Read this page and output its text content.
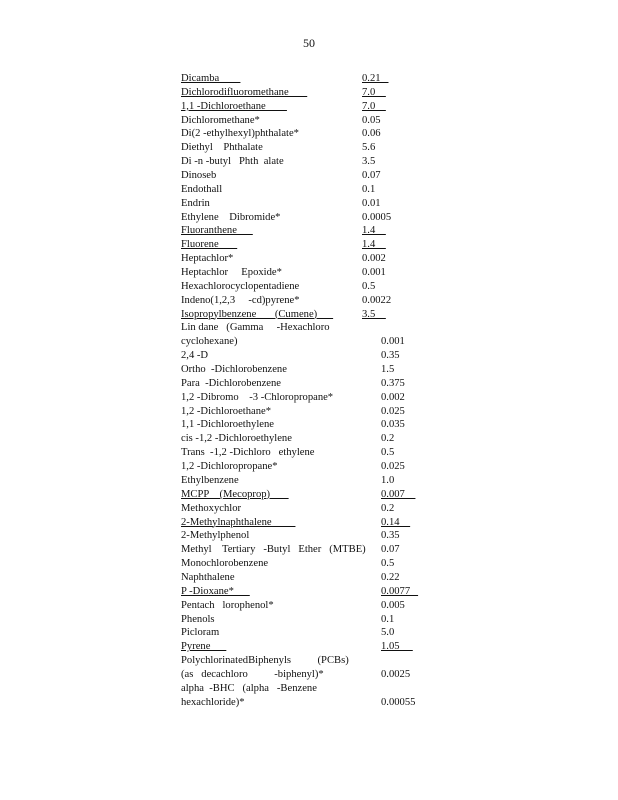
50
Dicamba	0.21
Dichlorodifluoromethane	7.0
1,1 -Dichloroethane	7.0
Dichloromethane*	0.05
Di(2 -ethylhexyl)phthalate*	0.06
Diethyl    Phthalate	5.6
Di -n -butyl   Phth  alate	3.5
Dinoseb	0.07
Endothall	0.1
Endrin	0.01
Ethylene    Dibromide*	0.0005
Fluoranthene	1.4
Fluorene	1.4
Heptachlor*	0.002
Heptachlor     Epoxide*	0.001
Hexachlorocyclopentadiene	0.5
Indeno(1,2,3     -cd)pyrene*	0.0022
Isopropylbenzene       (Cumene)	3.5
Lin dane   (Gamma     -Hexachloro
cyclohexane)	0.001
2,4 -D	0.35
Ortho  -Dichlorobenzene	1.5
Para  -Dichlorobenzene	0.375
1,2 -Dibromo    -3 -Chloropropane*	0.002
1,2 -Dichloroethane*	0.025
1,1 -Dichloroethylene	0.035
cis -1,2 -Dichloroethylene	0.2
Trans  -1,2 -Dichloro   ethylene	0.5
1,2 -Dichloropropane*	0.025
Ethylbenzene	1.0
MCPP    (Mecoprop)	0.007
Methoxychlor	0.2
2-Methylnaphthalene	0.14
2-Methylphenol	0.35
Methyl    Tertiary   -Butyl   Ether   (MTBE) 0.07
Monochlorobenzene	0.5
Naphthalene	0.22
P -Dioxane*	0.0077
Pentach   lorophenol*	0.005
Phenols	0.1
Picloram	5.0
Pyrene	1.05
PolychlorinatedBiphenyls          (PCBs)
(as   decachloro          -biphenyl)*	0.0025
alpha  -BHC   (alpha   -Benzene
hexachloride)*	0.00055
